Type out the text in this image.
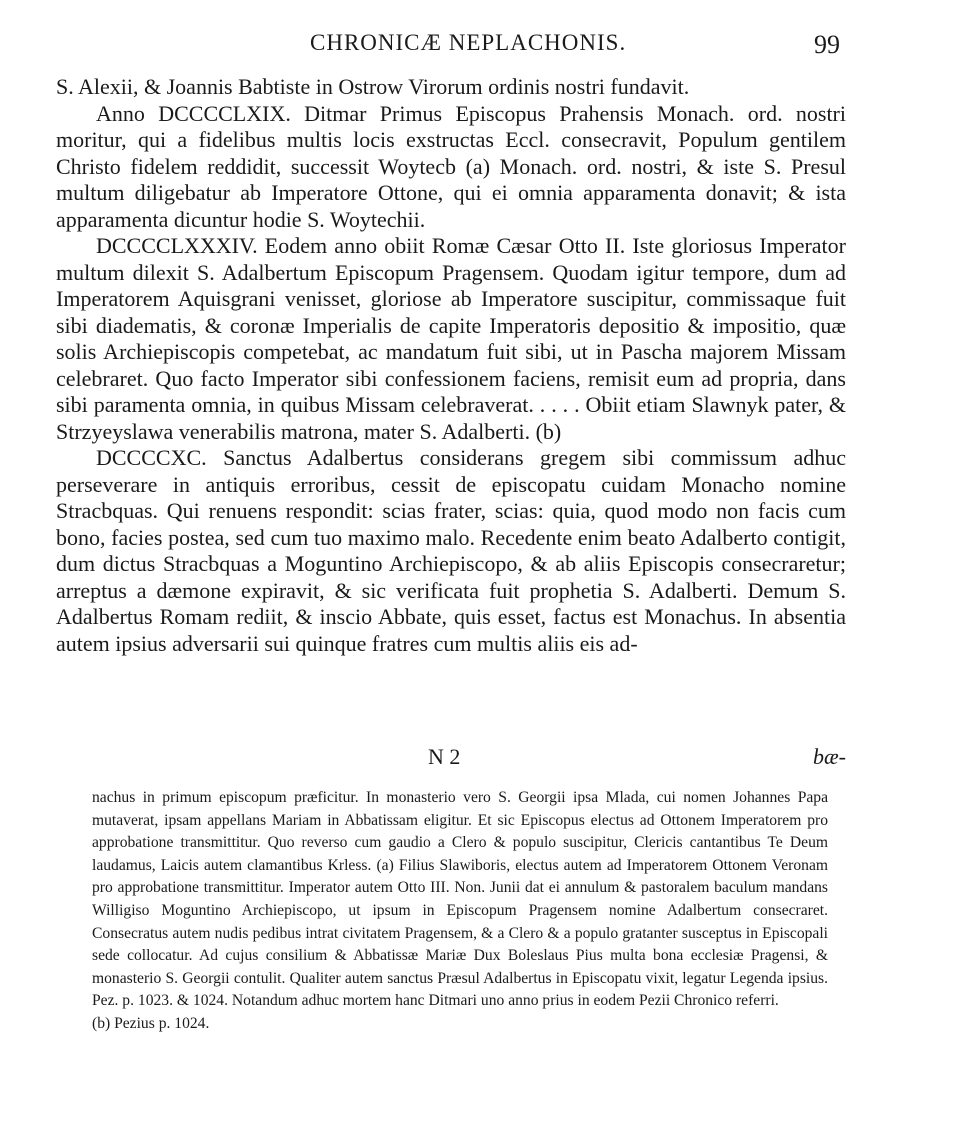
CHRONICÆ NEPLACHONIS.	99

S. Alexii, & Joannis Babtiste in Ostrow Virorum ordinis nostri fundavit.

Anno DCCCCLXIX. Ditmar Primus Episcopus Prahensis Monach. ord. nostri moritur, qui a fidelibus multis locis exstructas Eccl. consecravit, Populum gentilem Christo fidelem reddidit, successit Woytecb (a) Monach. ord. nostri, & iste S. Presul multum diligebatur ab Imperatore Ottone, qui ei omnia apparamenta donavit; & ista apparamenta dicuntur hodie S. Woytechii.

DCCCCLXXXIV. Eodem anno obiit Romæ Cæsar Otto II. Iste gloriosus Imperator multum dilexit S. Adalbertum Episcopum Pragensem. Quodam igitur tempore, dum ad Imperatorem Aquisgrani venisset, gloriose ab Imperatore suscipitur, commissaque fuit sibi diadematis, & coronæ Imperialis de capite Imperatoris depositio & impositio, quæ solis Archiepiscopis competebat, ac mandatum fuit sibi, ut in Pascha majorem Missam celebraret. Quo facto Imperator sibi confessionem faciens, remisit eum ad propria, dans sibi paramenta omnia, in quibus Missam celebraverat. . . . . Obiit etiam Slawnyk pater, & Strzyeyslawa venerabilis matrona, mater S. Adalberti. (b)

DCCCCXC. Sanctus Adalbertus considerans gregem sibi commissum adhuc perseverare in antiquis erroribus, cessit de episcopatu cuidam Monacho nomine Stracbquas. Qui renuens respondit: scias frater, scias: quia, quod modo non facis cum bono, facies postea, sed cum tuo maximo malo. Recedente enim beato Adalberto contigit, dum dictus Stracbquas a Moguntino Archiepiscopo, & ab aliis Episcopis consecraretur; arreptus a dæmone expiravit, & sic verificata fuit prophetia S. Adalberti. Demum S. Adalbertus Romam rediit, & inscio Abbate, quis esset, factus est Monachus. In absentia autem ipsius adversarii sui quinque fratres cum multis aliis eis ad-

N 2	bæ-

nachus in primum episcopum præficitur. In monasterio vero S. Georgii ipsa Mlada, cui nomen Johannes Papa mutaverat, ipsam appellans Mariam in Abbatissam eligitur. Et sic Episcopus electus ad Ottonem Imperatorem pro approbatione transmittitur. Quo reverso cum gaudio a Clero & populo suscipitur, Clericis cantantibus Te Deum laudamus, Laicis autem clamantibus Krless. (a) Filius Slawiboris, electus autem ad Imperatorem Ottonem Veronam pro approbatione transmittitur. Imperator autem Otto III. Non. Junii dat ei annulum & pastoralem baculum mandans Willigiso Moguntino Archiepiscopo, ut ipsum in Episcopum Pragensem nomine Adalbertum consecraret. Consecratus autem nudis pedibus intrat civitatem Pragensem, & a Clero & a populo gratanter susceptus in Episcopali sede collocatur. Ad cujus consilium & Abbatissæ Mariæ Dux Boleslaus Pius multa bona ecclesiæ Pragensi, & monasterio S. Georgii contulit. Qualiter autem sanctus Præsul Adalbertus in Episcopatu vixit, legatur Legenda ipsius. Pez. p. 1023. & 1024. Notandum adhuc mortem hanc Ditmari uno anno prius in eodem Pezii Chronico referri.

(b) Pezius p. 1024.
